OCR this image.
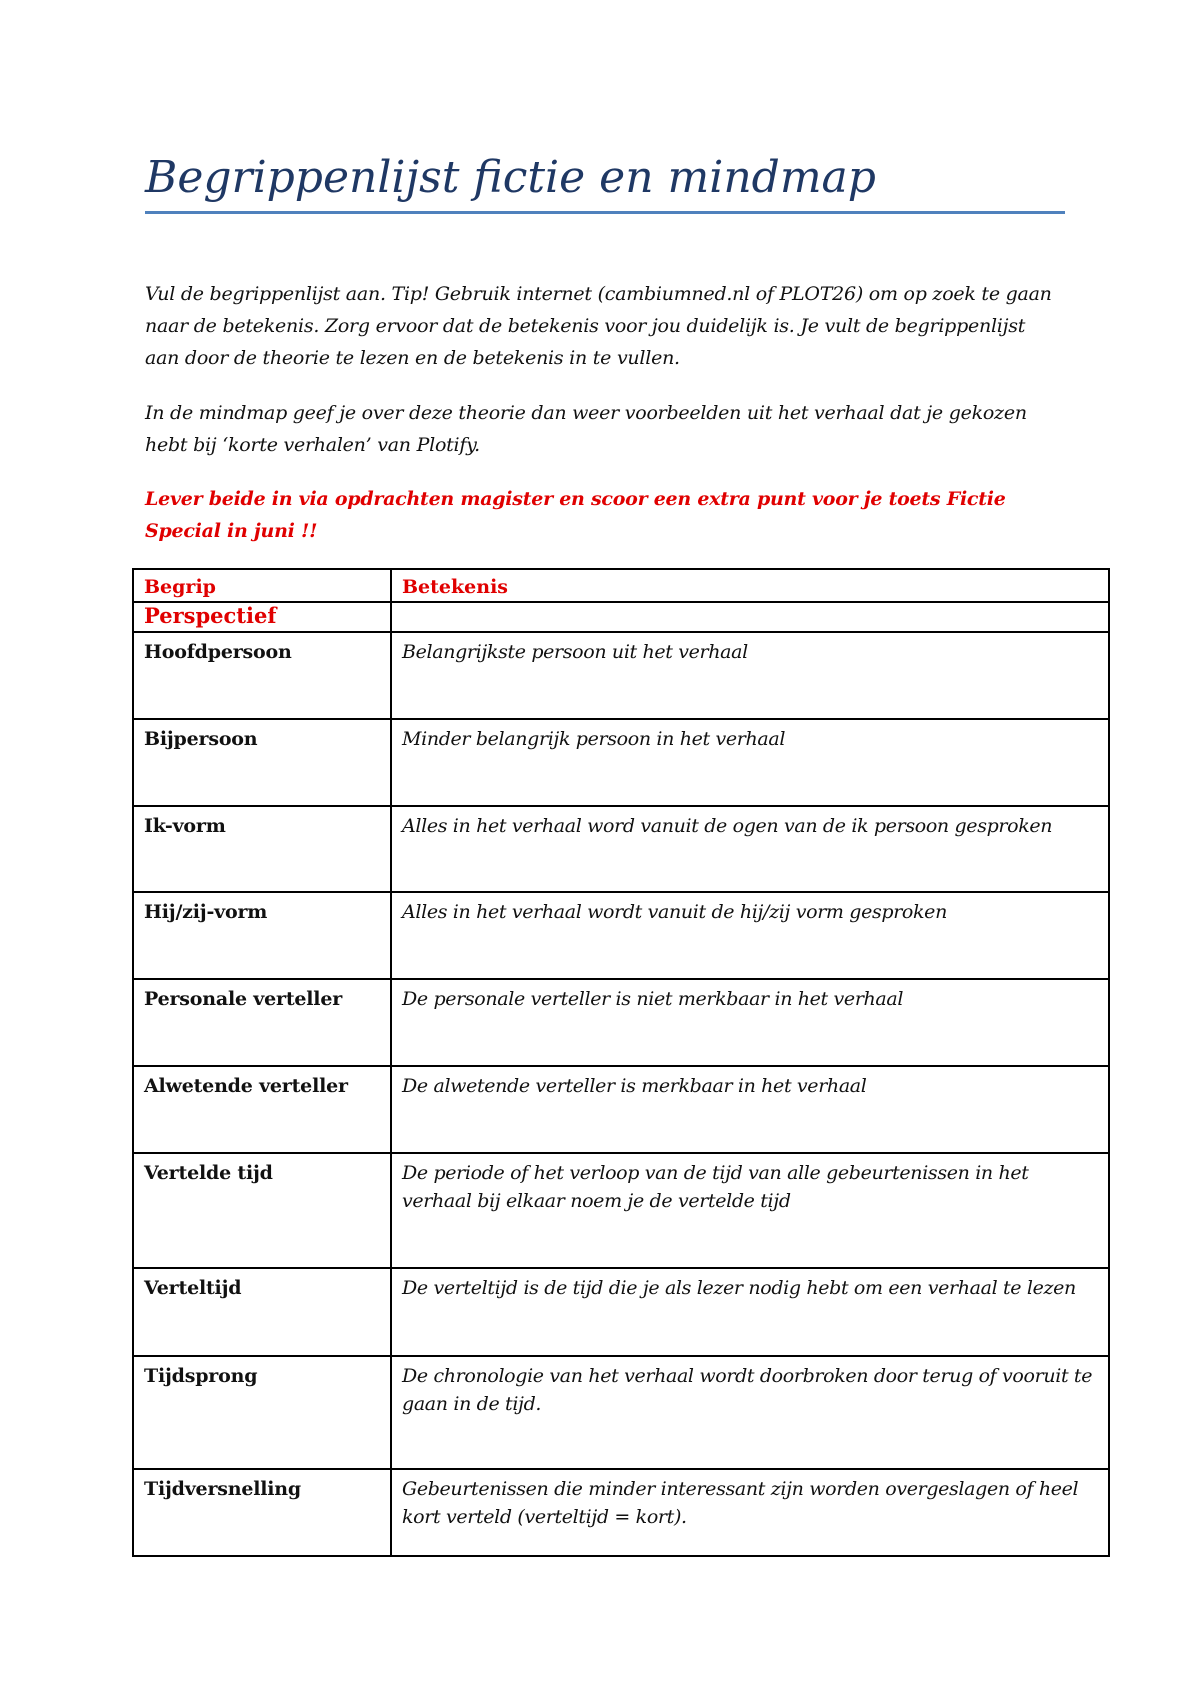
Begrippenlijst fictie en mindmap

Vul de begrippenlijst aan. Tip! Gebruik internet (cambiumned.nl of PLOT26) om op zoek te gaan naar de betekenis. Zorg ervoor dat de betekenis voor jou duidelijk is. Je vult de begrippenlijst aan door de theorie te lezen en de betekenis in te vullen.

In de mindmap geef je over deze theorie dan weer voorbeelden uit het verhaal dat je gekozen hebt bij ‘korte verhalen’ van Plotify.

Lever beide in via opdrachten magister en scoor een extra punt voor je toets Fictie Special in juni !!

Begrip	Betekenis
Perspectief	
Hoofdpersoon	Belangrijkste persoon uit het verhaal
Bijpersoon	Minder belangrijk persoon in het verhaal
Ik-vorm	Alles in het verhaal word vanuit de ogen van de ik persoon gesproken
Hij/zij-vorm	Alles in het verhaal wordt vanuit de hij/zij vorm gesproken
Personale verteller	De personale verteller is niet merkbaar in het verhaal
Alwetende verteller	De alwetende verteller is merkbaar in het verhaal
Vertelde tijd	De periode of het verloop van de tijd van alle gebeurtenissen in het verhaal bij elkaar noem je de vertelde tijd
Verteltijd	De verteltijd is de tijd die je als lezer nodig hebt om een verhaal te lezen
Tijdsprong	De chronologie van het verhaal wordt doorbroken door terug of vooruit te gaan in de tijd.
Tijdversnelling	Gebeurtenissen die minder interessant zijn worden overgeslagen of heel kort verteld (verteltijd = kort).
